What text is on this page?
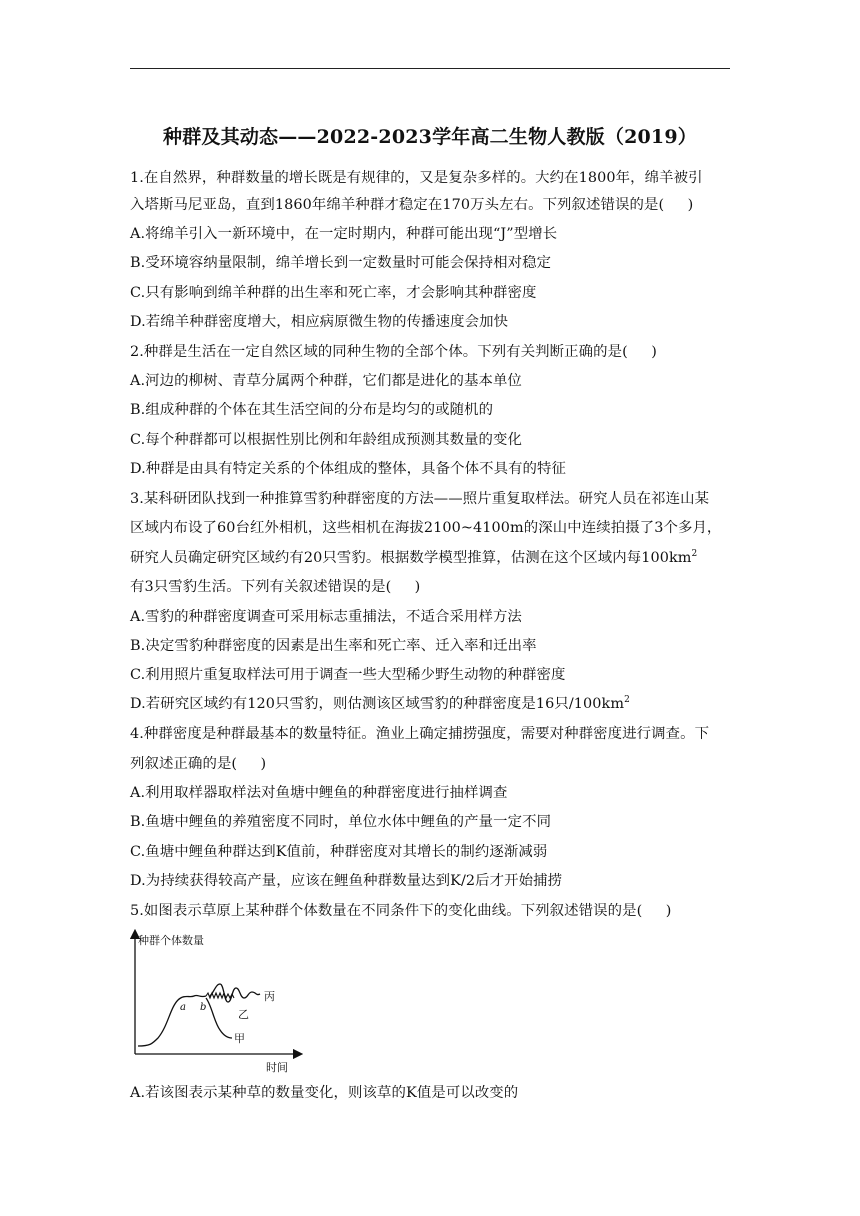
种群及其动态——2022-2023学年高二生物人教版（2019）
1.在自然界，种群数量的增长既是有规律的，又是复杂多样的。大约在1800年，绵羊被引
入塔斯马尼亚岛，直到1860年绵羊种群才稳定在170万头左右。下列叙述错误的是(     )
A.将绵羊引入一新环境中，在一定时期内，种群可能出现“J”型增长
B.受环境容纳量限制，绵羊增长到一定数量时可能会保持相对稳定
C.只有影响到绵羊种群的出生率和死亡率，才会影响其种群密度
D.若绵羊种群密度增大，相应病原微生物的传播速度会加快
2.种群是生活在一定自然区域的同种生物的全部个体。下列有关判断正确的是(     )
A.河边的柳树、青草分属两个种群，它们都是进化的基本单位
B.组成种群的个体在其生活空间的分布是均匀的或随机的
C.每个种群都可以根据性别比例和年龄组成预测其数量的变化
D.种群是由具有特定关系的个体组成的整体，具备个体不具有的特征
3.某科研团队找到一种推算雪豹种群密度的方法——照片重复取样法。研究人员在祁连山某
区域内布设了60台红外相机，这些相机在海拔2100~4100m的深山中连续拍摄了3个多月，
研究人员确定研究区域约有20只雪豹。根据数学模型推算，估测在这个区域内每$100km^2$
有3只雪豹生活。下列有关叙述错误的是(     )
A.雪豹的种群密度调查可采用标志重捕法，不适合采用样方法
B.决定雪豹种群密度的因素是出生率和死亡率、迁入率和迁出率
C.利用照片重复取样法可用于调查一些大型稀少野生动物的种群密度
D.若研究区域约有120只雪豹，则估测该区域雪豹的种群密度是16只$/100km^2$
4.种群密度是种群最基本的数量特征。渔业上确定捕捞强度，需要对种群密度进行调查。下
列叙述正确的是(     )
A.利用取样器取样法对鱼塘中鲤鱼的种群密度进行抽样调查
B.鱼塘中鲤鱼的养殖密度不同时，单位水体中鲤鱼的产量一定不同
C.鱼塘中鲤鱼种群达到K值前，种群密度对其增长的制约逐渐减弱
D.为持续获得较高产量，应该在鲤鱼种群数量达到K/2后才开始捕捞
5.如图表示草原上某种群个体数量在不同条件下的变化曲线。下列叙述错误的是(     )
种群个体数量
时间
丙
乙
甲
a b
A.若该图表示某种草的数量变化，则该草的K值是可以改变的
